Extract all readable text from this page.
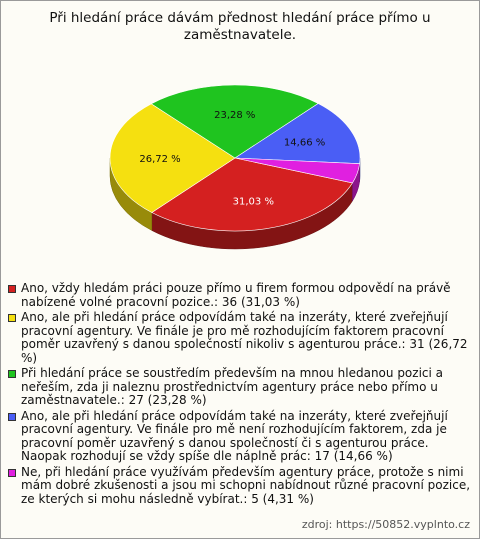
Při hledání práce dávám přednost hledání práce přímo u
zaměstnavatele.
31,03 %
26,72 %
23,28 %
14,66 %
Ano, vždy hledám práci pouze přímo u firem formou odpovědí na právě nabízené volné pracovní pozice.: 36 (31,03 %)
Ano, ale při hledání práce odpovídám také na inzeráty, které zveřejňují pracovní agentury. Ve finále je pro mě rozhodujícím faktorem pracovní poměr uzavřený s danou společností nikoliv s agenturou práce.: 31 (26,72 %)
Při hledání práce se soustředím především na mnou hledanou pozici a neřeším, zda ji naleznu prostřednictvím agentury práce nebo přímo u zaměstnavatele.: 27 (23,28 %)
Ano, ale při hledání práce odpovídám také na inzeráty, které zveřejňují pracovní agentury. Ve finále pro mě není rozhodujícím faktorem, zda je pracovní poměr uzavřený s danou společností či s agenturou práce. Naopak rozhodují se vždy spíše dle náplně prác: 17 (14,66 %)
Ne, při hledání práce využívám především agentury práce, protože s nimi mám dobré zkušenosti a jsou mi schopni nabídnout různé pracovní pozice, ze kterých si mohu následně vybírat.: 5 (4,31 %)
zdroj: https://50852.vyplnto.cz
